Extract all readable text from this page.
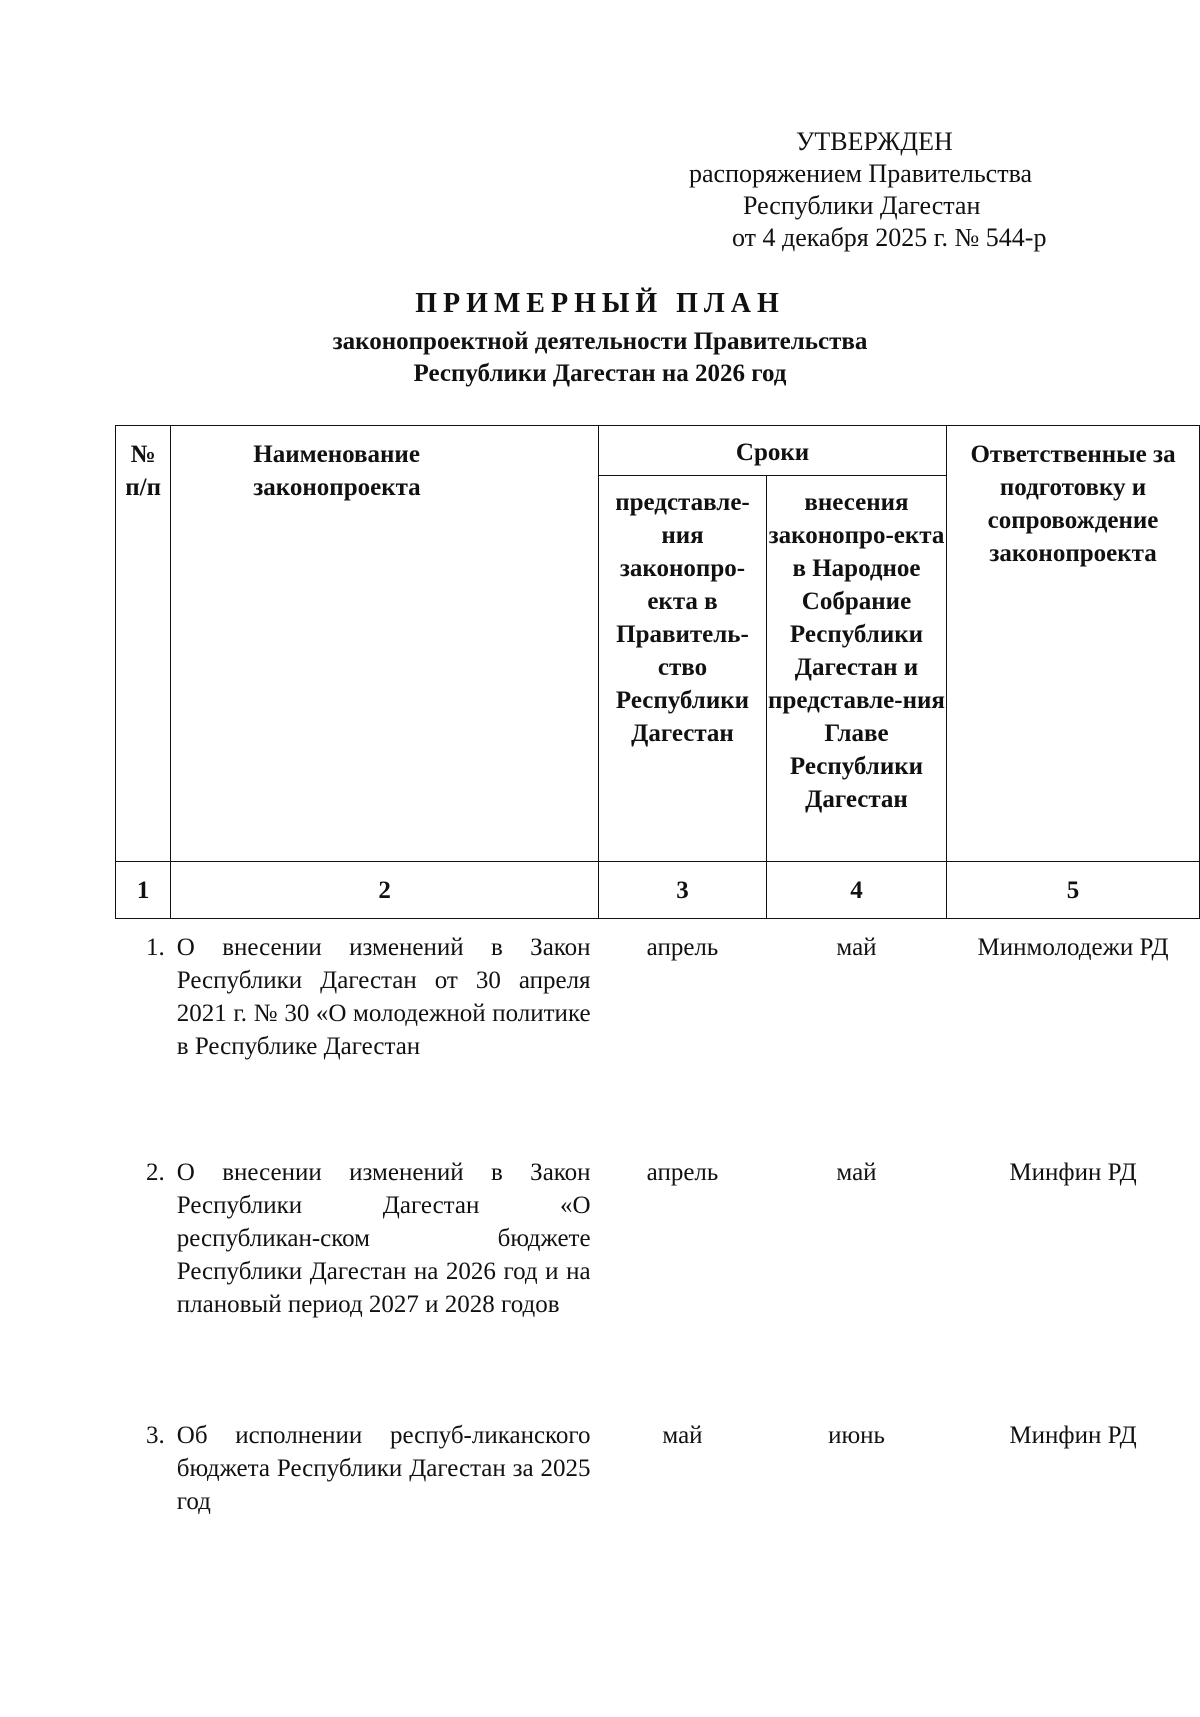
УТВЕРЖДЕН
распоряжением Правительства
Республики Дагестан
от 4 декабря 2025 г. № 544-р
ПРИМЕРНЫЙ ПЛАН
законопроектной деятельности Правительства
Республики Дагестан на 2026 год
№ п/п	Наименование законопроекта	Сроки		Ответственные за подготовку и сопровождение законопроекта
		представле-ния законопро-екта в Правитель-ство Республики Дагестан	внесения законопро-екта в Народное Собрание Республики Дагестан и представле-ния Главе Республики Дагестан	
1	2	3	4	5
1.	О внесении изменений в Закон Республики Дагестан от 30 апреля 2021 г. № 30 «О молодежной политике в Республике Дагестан	апрель	май	Минмолодежи РД
2.	О внесении изменений в Закон Республики Дагестан «О республикан-ском бюджете Республики Дагестан на 2026 год и на плановый период 2027 и 2028 годов	апрель	май	Минфин РД
3.	Об исполнении респуб-ликанского бюджета Республики Дагестан за 2025 год	май	июнь	Минфин РД
